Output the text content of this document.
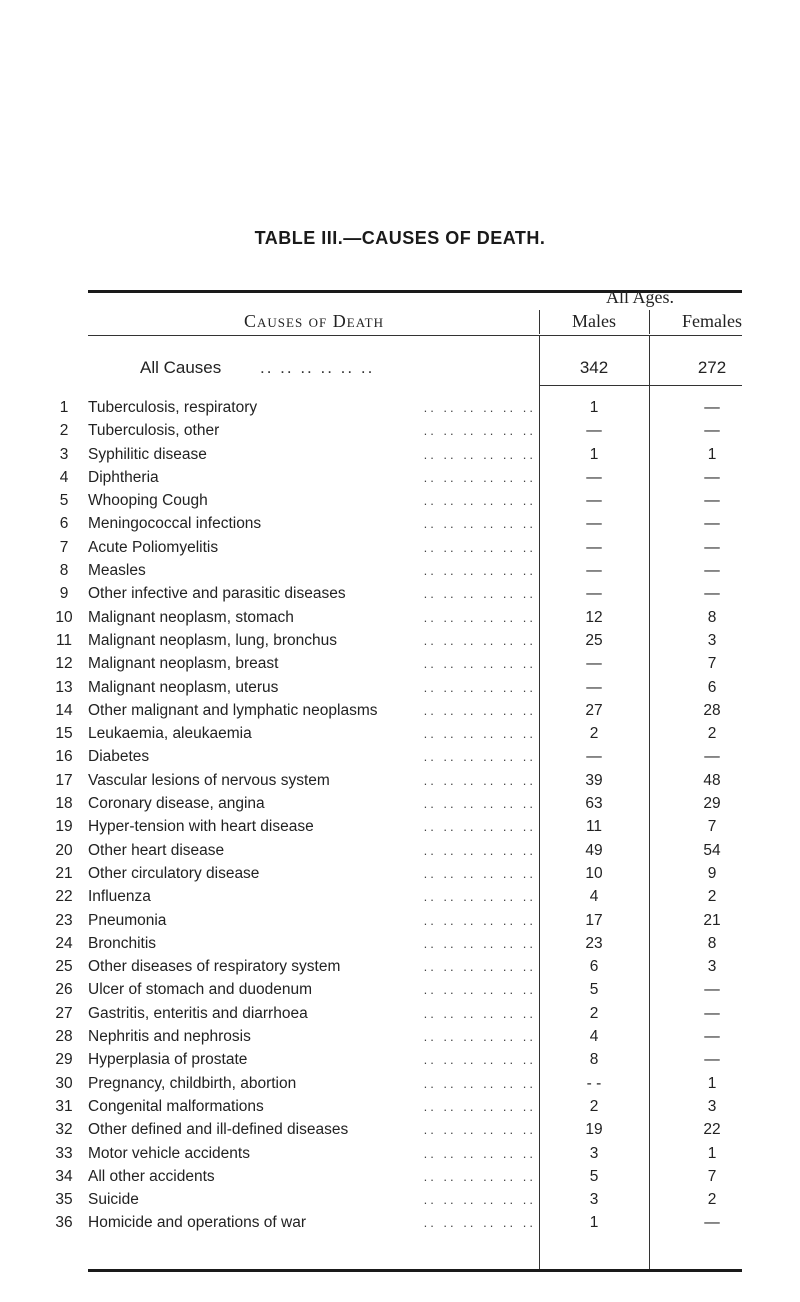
TABLE III.—CAUSES OF DEATH.
All Ages.
Causes of Death	Males	Females
All Causes .. .. .. .. .. ..	342	272
.. .. .. .. .. ..
1	Tuberculosis, respiratory	1	—
.. .. .. .. .. ..
2	Tuberculosis, other	—	—
.. .. .. .. .. ..
3	Syphilitic disease	1	1
.. .. .. .. .. ..
4	Diphtheria	—	—
.. .. .. .. .. ..
5	Whooping Cough	—	—
.. .. .. .. .. ..
6	Meningococcal infections	—	—
.. .. .. .. .. ..
7	Acute Poliomyelitis	—	—
.. .. .. .. .. ..
8	Measles	—	—
.. .. .. .. .. ..
9	Other infective and parasitic diseases	—	—
.. .. .. .. .. ..
10 Malignant neoplasm, stomach	12	8
.. .. .. .. .. ..
11	Malignant neoplasm, lung, bronchus	25	3
.. .. .. .. .. ..
12 Malignant neoplasm, breast	—	7
.. .. .. .. .. ..
13 Malignant neoplasm, uterus	—	6
.. .. .. .. .. ..
14 Other malignant and lymphatic neoplasms	27	28
.. .. .. .. .. ..
15 Leukaemia, aleukaemia	2	2
.. .. .. .. .. ..
16 Diabetes	—	—
.. .. .. .. .. ..
17 Vascular lesions of nervous system	39	48
.. .. .. .. .. ..
18 Coronary disease, angina	63	29
.. .. .. .. .. ..
19 Hyper-tension with heart disease	11	7
.. .. .. .. .. ..
20 Other heart disease	49	54
.. .. .. .. .. ..
21 Other circulatory disease	10	9
.. .. .. .. .. ..
22 Influenza	4	2
.. .. .. .. .. ..
23 Pneumonia	17	21
.. .. .. .. .. ..
24 Bronchitis	23	8
.. .. .. .. .. ..
25 Other diseases of respiratory system	6	3
.. .. .. .. .. ..
26 Ulcer of stomach and duodenum	5	—
.. .. .. .. .. ..
27 Gastritis, enteritis and diarrhoea	2	—
.. .. .. .. .. ..
28 Nephritis and nephrosis	4	—
.. .. .. .. .. ..
29 Hyperplasia of prostate	8	—
.. .. .. .. .. ..
30 Pregnancy, childbirth, abortion	- -	1
.. .. .. .. .. ..
31 Congenital malformations	2	3
.. .. .. .. .. ..
32 Other defined and ill-defined diseases	19	22
.. .. .. .. .. ..
33 Motor vehicle accidents	3	1
.. .. .. .. .. ..
34 All other accidents	5	7
.. .. .. .. .. ..
35 Suicide	3	2
.. .. .. .. .. ..
36 Homicide and operations of war	1	—
